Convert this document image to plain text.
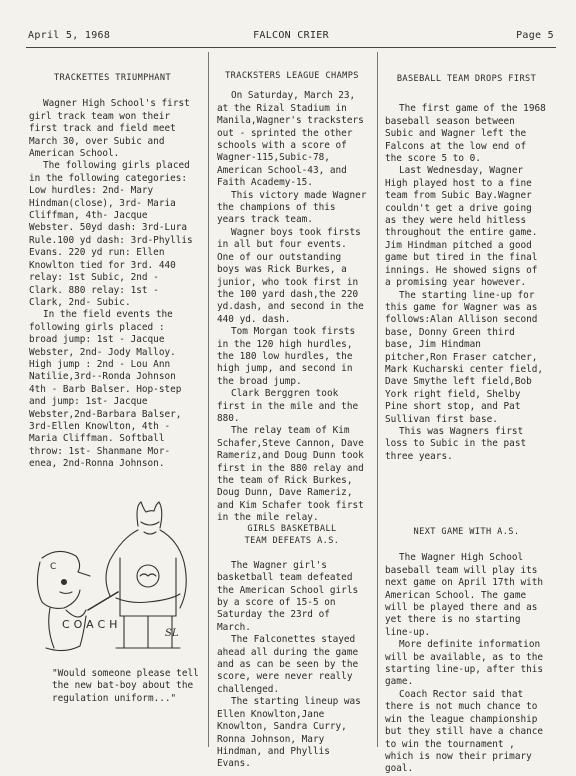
April 5, 1968	FALCON CRIER	Page 5

TRACKETTES TRIUMPHANT

Wagner High School's first girl track team won their first track and field meet March 30, over Subic and American School.

The following girls placed in the following categories: Low hurdles: 2nd- Mary Hindman(close), 3rd- Maria Cliffman, 4th- Jacque Webster. 50yd dash: 3rd-Lura Rule.100 yd dash: 3rd-Phyllis Evans. 220 yd run: Ellen Knowlton tied for 3rd. 440 relay: 1st Subic, 2nd - Clark. 880 relay: 1st - Clark, 2nd- Subic.

In the field events the following girls placed : broad jump: 1st - Jacque Webster, 2nd- Jody Malloy. High jump : 2nd - Lou Ann Natilie,3rd--Ronda Johnson 4th - Barb Balser. Hop-step and jump: 1st- Jacque Webster,2nd-Barbara Balser, 3rd-Ellen Knowlton, 4th - Maria Cliffman. Softball throw: 1st- Shanmane Mor-enea, 2nd-Ronna Johnson.

C
COACH
SL
"Would someone please tell the new bat-boy about the regulation uniform..."

TRACKSTERS LEAGUE CHAMPS

On Saturday, March 23, at the Rizal Stadium in Manila,Wagner's tracksters out - sprinted the other schools with a score of Wagner-115,Subic-78, American School-43, and Faith Academy-15.

This victory made Wagner the champions of this years track team.

Wagner boys took firsts in all but four events. One of our outstanding boys was Rick Burkes, a junior, who took first in the 100 yard dash,the 220 yd.dash, and second in the 440 yd. dash.

Tom Morgan took firsts in the 120 high hurdles, the 180 low hurdles, the high jump, and second in the broad jump.

Clark Berggren took first in the mile and the 880.

The relay team of Kim Schafer,Steve Cannon, Dave Rameriz,and Doug Dunn took first in the 880 relay and the team of Rick Burkes, Doug Dunn, Dave Rameriz, and Kim Schafer took first in the mile relay.

GIRLS BASKETBALL

TEAM DEFEATS A.S.

The Wagner girl's basketball team defeated the American School girls by a score of 15-5 on Saturday the 23rd of March.

The Falconettes stayed ahead all during the game and as can be seen by the score, were never really challenged.

The starting lineup was Ellen Knowlton,Jane Knowlton, Sandra Curry, Ronna Johnson, Mary Hindman, and Phyllis Evans.

BASEBALL TEAM DROPS FIRST

The first game of the 1968 baseball season between Subic and Wagner left the Falcons at the low end of the score 5 to 0.

Last Wednesday, Wagner High played host to a fine team from Subic Bay.Wagner couldn't get a drive going as they were held hitless throughout the entire game. Jim Hindman pitched a good game but tired in the final innings. He showed signs of a promising year however.

The starting line-up for this game for Wagner was as follows:Alan Allison second base, Donny Green third base, Jim Hindman pitcher,Ron Fraser catcher, Mark Kucharski center field, Dave Smythe left field,Bob York right field, Shelby Pine short stop, and Pat Sullivan first base.

This was Wagners first loss to Subic in the past three years.

NEXT GAME WITH A.S.

The Wagner High School baseball team will play its next game on April 17th with American School. The game will be played there and as yet there is no starting line-up.

More definite information will be available, as to the starting line-up, after this game.

Coach Rector said that there is not much chance to win the league championship but they still have a chance to win the tournament , which is now their primary goal.
